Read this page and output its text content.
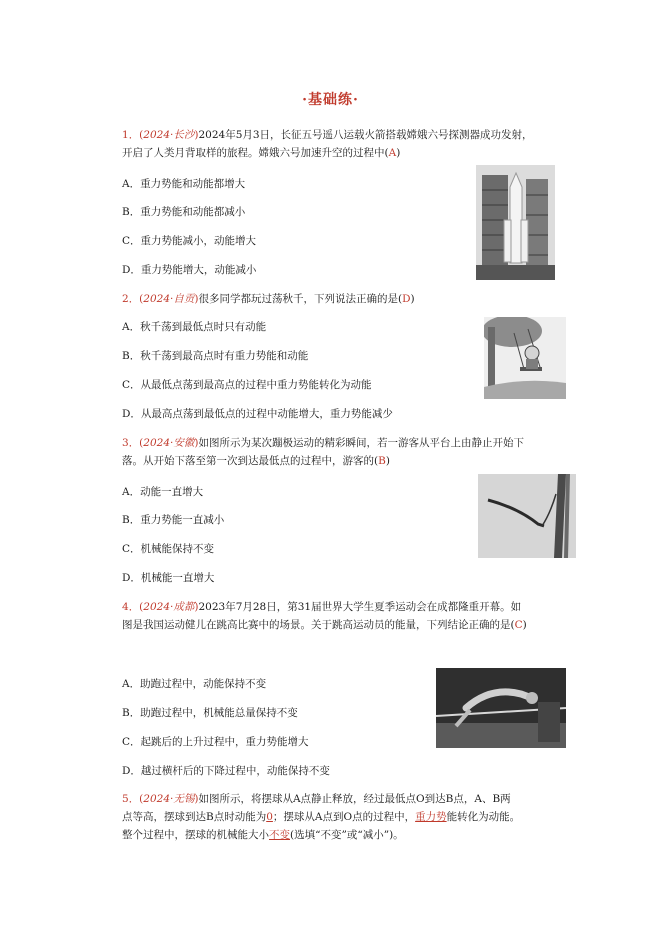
·基础练·
1．(2024·长沙)2024年5月3日，长征五号遥八运载火箭搭载嫦娥六号探测器成功发射，
开启了人类月背取样的旅程。嫦娥六号加速升空的过程中(A)
A．重力势能和动能都增大
B．重力势能和动能都减小
C．重力势能减小，动能增大
D．重力势能增大，动能减小
2．(2024·自贡)很多同学都玩过荡秋千，下列说法正确的是(D)
A．秋千荡到最低点时只有动能
B．秋千荡到最高点时有重力势能和动能
C．从最低点荡到最高点的过程中重力势能转化为动能
D．从最高点荡到最低点的过程中动能增大，重力势能减少
3．(2024·安徽)如图所示为某次蹦极运动的精彩瞬间，若一游客从平台上由静止开始下
落。从开始下落至第一次到达最低点的过程中，游客的(B)
A．动能一直增大
B．重力势能一直减小
C．机械能保持不变
D．机械能一直增大
4．(2024·成都)2023年7月28日，第31届世界大学生夏季运动会在成都隆重开幕。如
图是我国运动健儿在跳高比赛中的场景。关于跳高运动员的能量，下列结论正确的是(C)
A．助跑过程中，动能保持不变
B．助跑过程中，机械能总量保持不变
C．起跳后的上升过程中，重力势能增大
D．越过横杆后的下降过程中，动能保持不变
5．(2024·无锡)如图所示，将摆球从A点静止释放，经过最低点O到达B点，A、B两
点等高，摆球到达B点时动能为0；摆球从A点到O点的过程中，重力势能转化为动能。
整个过程中，摆球的机械能大小不变(选填“不变”或“减小”)。
